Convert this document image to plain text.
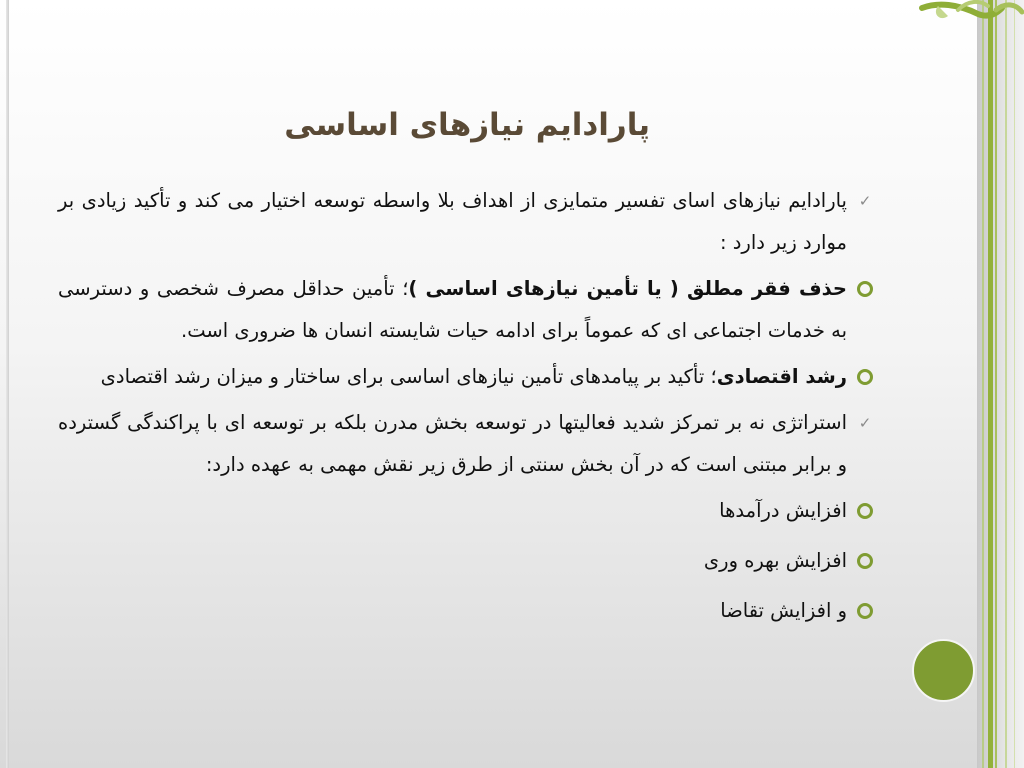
پارادایم نیازهای اساسی
✓
پارادایم نیازهای اسای تفسیر متمایزی از اهداف بلا واسطه توسعه اختیار می کند و تأکید زیادی بر موارد زیر دارد :
حذف فقر مطلق ( یا تأمین نیازهای اساسی )؛ تأمین حداقل مصرف شخصی و دسترسی به خدمات اجتماعی ای که عموماً برای ادامه حیات شایسته انسان ها ضروری است.
رشد اقتصادی؛ تأکید بر پیامدهای تأمین نیازهای اساسی برای ساختار و میزان رشد اقتصادی
✓
استراتژی نه بر تمرکز شدید فعالیتها در توسعه بخش مدرن بلکه بر توسعه ای با پراکندگی گسترده و برابر مبتنی است که در آن بخش سنتی از طرق زیر نقش مهمی به عهده دارد:
افزایش درآمدها
افزایش بهره وری
و افزایش تقاضا
